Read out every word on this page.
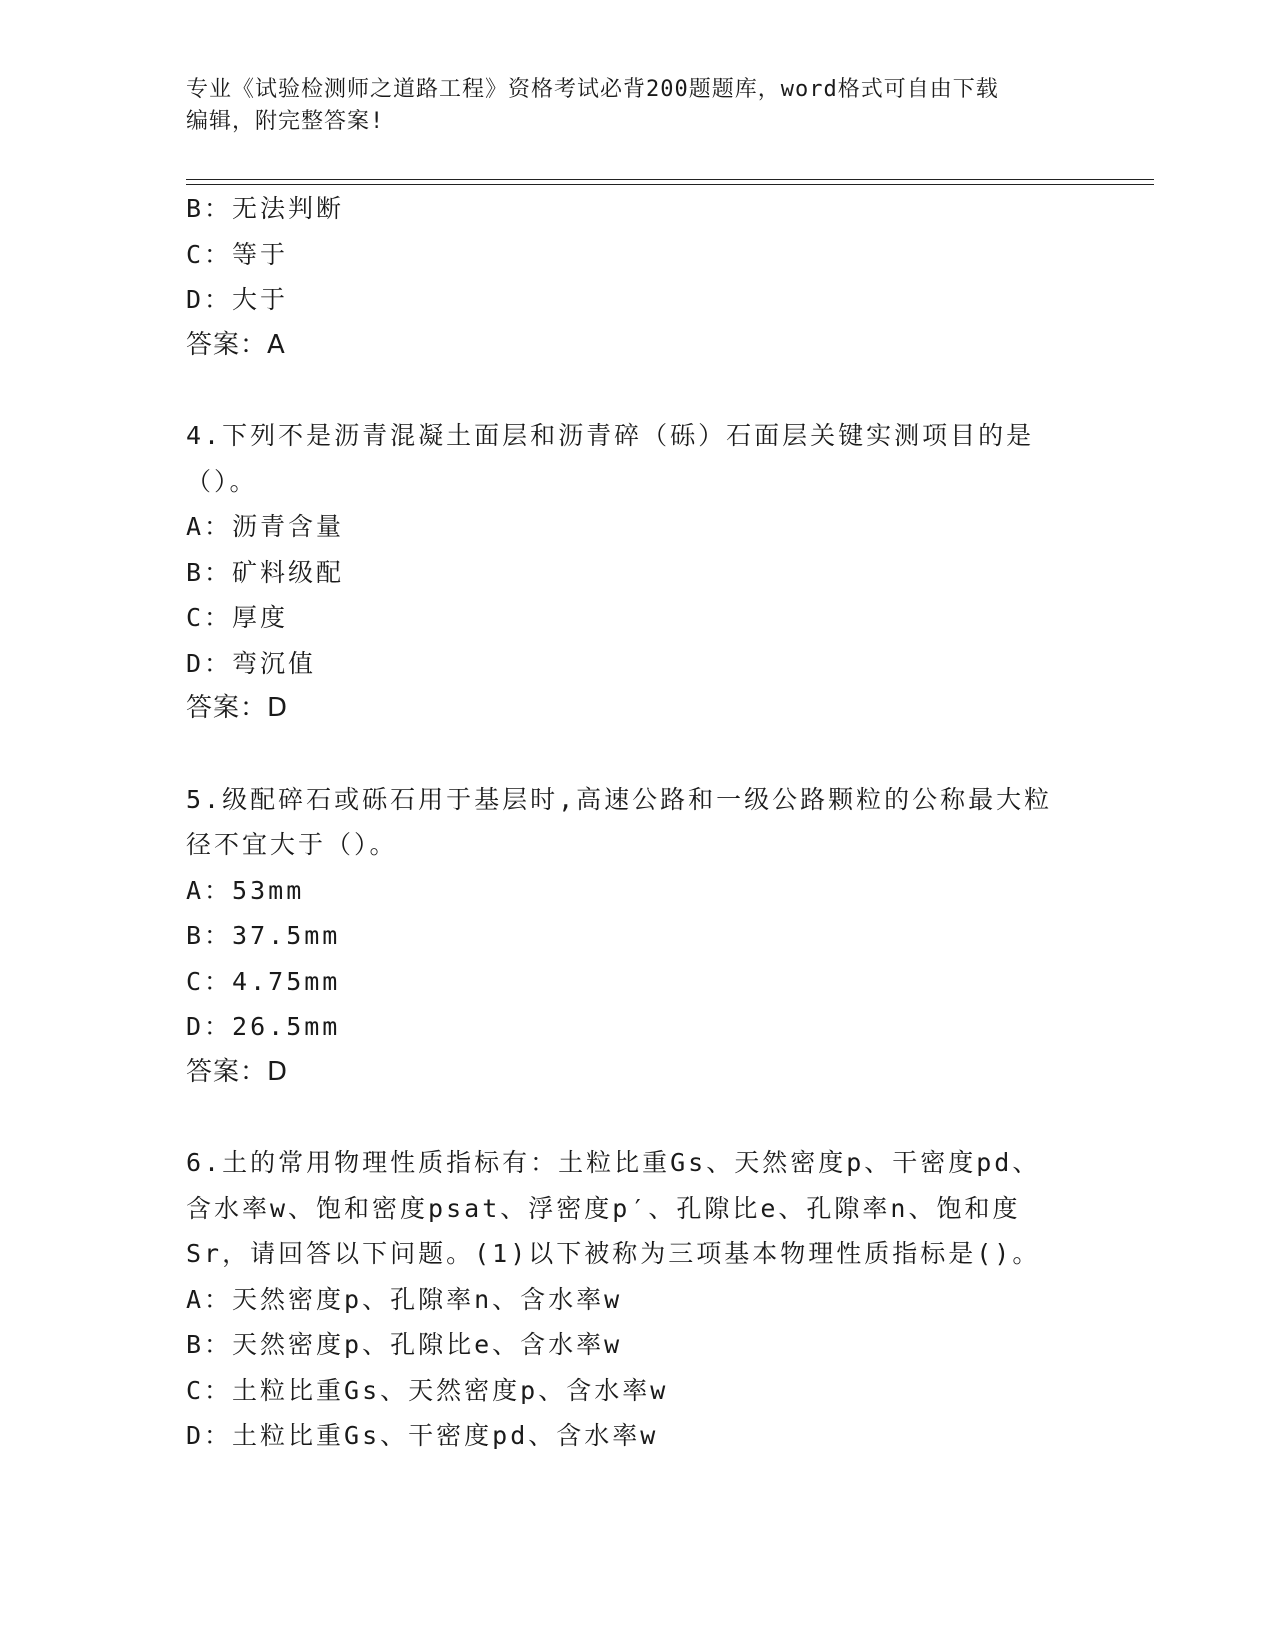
专业《试验检测师之道路工程》资格考试必背200题题库，word格式可自由下载
编辑，附完整答案!
B：无法判断
C：等于
D：大于
答案：A
4.下列不是沥青混凝土面层和沥青碎（砾）石面层关键实测项目的是
（）。
A：沥青含量
B：矿料级配
C：厚度
D：弯沉值
答案：D
5.级配碎石或砾石用于基层时,高速公路和一级公路颗粒的公称最大粒
径不宜大于（）。
A：53mm
B：37.5mm
C：4.75mm
D：26.5mm
答案：D
6.土的常用物理性质指标有：土粒比重Gs、天然密度p、干密度pd、
含水率w、饱和密度psat、浮密度p′、孔隙比e、孔隙率n、饱和度
Sr，请回答以下问题。(1)以下被称为三项基本物理性质指标是()。
A：天然密度p、孔隙率n、含水率w
B：天然密度p、孔隙比e、含水率w
C：土粒比重Gs、天然密度p、含水率w
D：土粒比重Gs、干密度pd、含水率w
